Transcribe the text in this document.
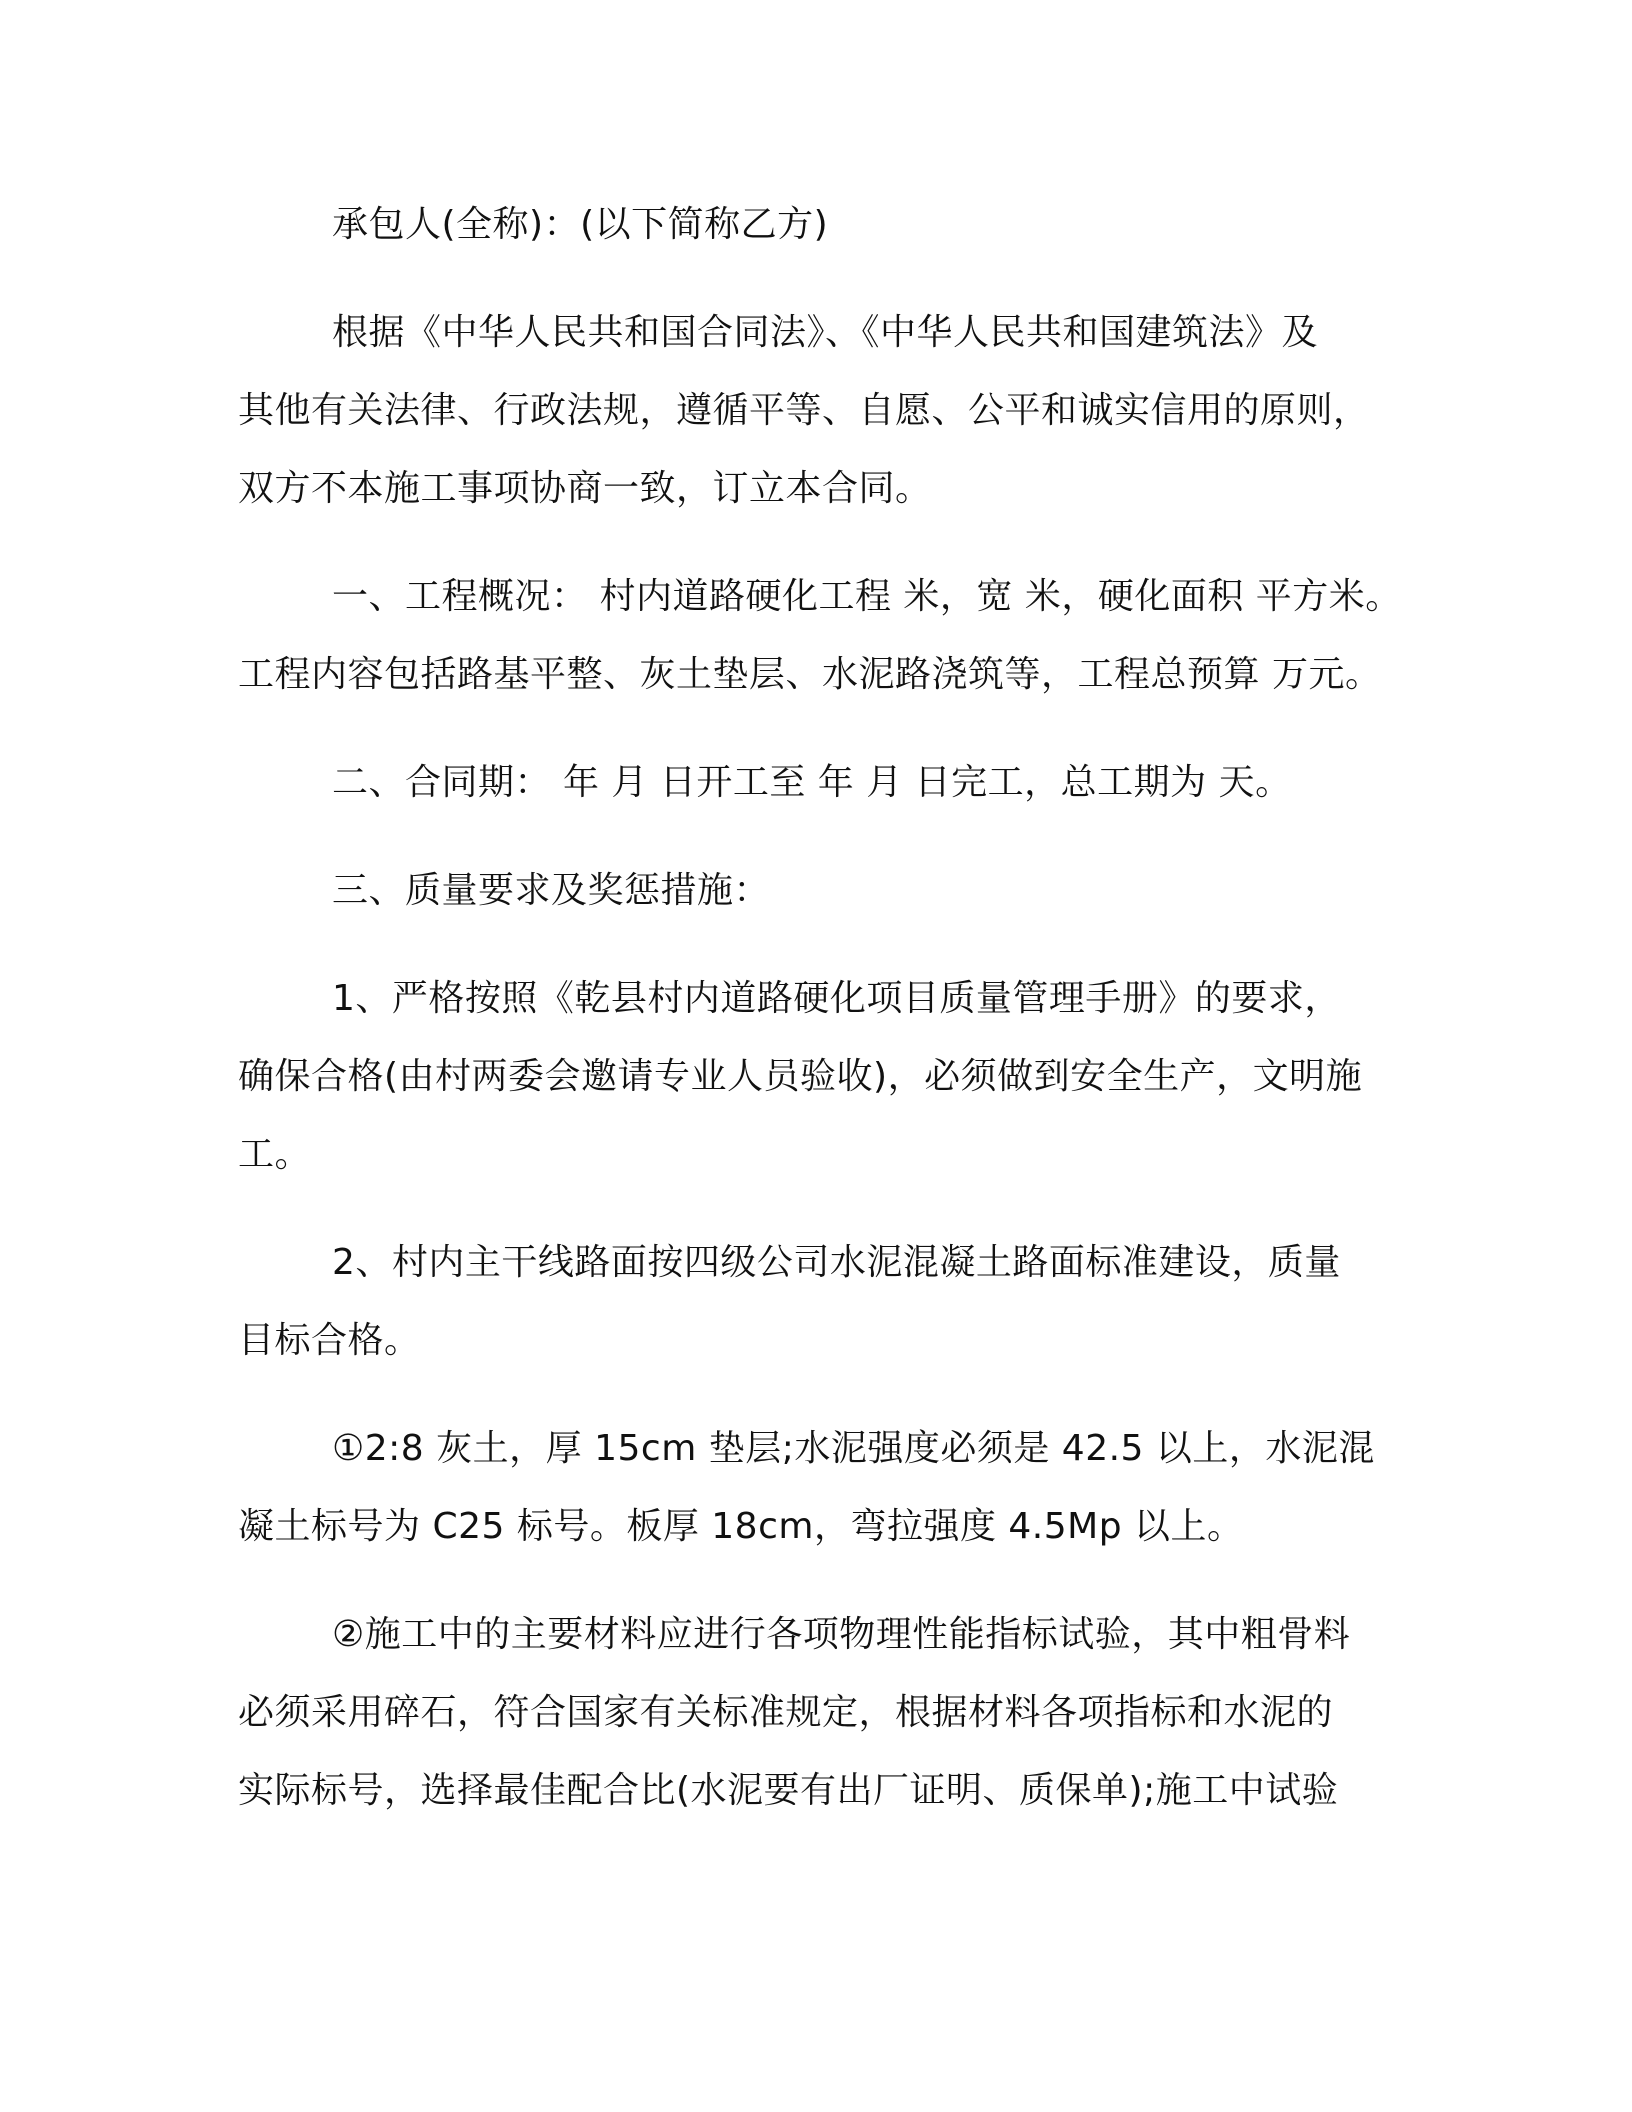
承包人(全称)：(以下简称乙方)

根据《中华人民共和国合同法》、《中华人民共和国建筑法》及
其他有关法律、行政法规，遵循平等、自愿、公平和诚实信用的原则，
双方不本施工事项协商一致，订立本合同。

一、工程概况： 村内道路硬化工程 米，宽 米，硬化面积 平方米。
工程内容包括路基平整、灰土垫层、水泥路浇筑等，工程总预算 万元。

二、合同期： 年 月 日开工至 年 月 日完工，总工期为 天。

三、质量要求及奖惩措施：

1、严格按照《乾县村内道路硬化项目质量管理手册》的要求，
确保合格(由村两委会邀请专业人员验收)，必须做到安全生产，文明施
工。

2、村内主干线路面按四级公司水泥混凝土路面标准建设，质量
目标合格。

①2:8 灰土，厚 15cm 垫层;水泥强度必须是 42.5 以上，水泥混
凝土标号为 C25 标号。板厚 18cm，弯拉强度 4.5Mp 以上。

②施工中的主要材料应进行各项物理性能指标试验，其中粗骨料
必须采用碎石，符合国家有关标准规定，根据材料各项指标和水泥的
实际标号，选择最佳配合比(水泥要有出厂证明、质保单);施工中试验
